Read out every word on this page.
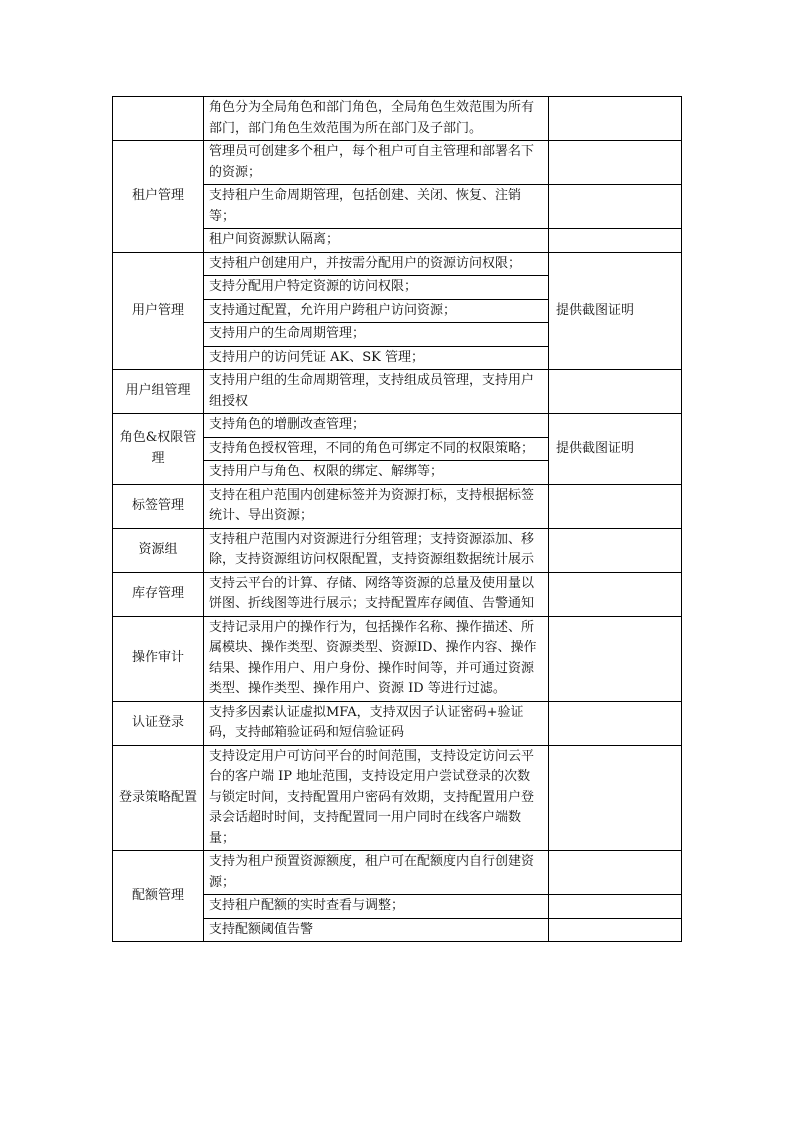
	角色分为全局角色和部门角色，全局角色生效范围为所有部门，部门角色生效范围为所在部门及子部门。	
租户管理	管理员可创建多个租户，每个租户可自主管理和部署名下的资源；	
	支持租户生命周期管理，包括创建、关闭、恢复、注销等；	
	租户间资源默认隔离；	
用户管理	支持租户创建用户，并按需分配用户的资源访问权限；	提供截图证明
	支持分配用户特定资源的访问权限；	
	支持通过配置，允许用户跨租户访问资源；	
	支持用户的生命周期管理；	
	支持用户的访问凭证 AK、SK 管理；	
用户组管理	支持用户组的生命周期管理，支持组成员管理，支持用户组授权	
角色&权限管理	支持角色的增删改查管理；	提供截图证明
	支持角色授权管理，不同的角色可绑定不同的权限策略；	
	支持用户与角色、权限的绑定、解绑等；	
标签管理	支持在租户范围内创建标签并为资源打标，支持根据标签统计、导出资源；	
资源组	支持租户范围内对资源进行分组管理；支持资源添加、移除，支持资源组访问权限配置，支持资源组数据统计展示	
库存管理	支持云平台的计算、存储、网络等资源的总量及使用量以饼图、折线图等进行展示；支持配置库存阈值、告警通知	
操作审计	支持记录用户的操作行为，包括操作名称、操作描述、所属模块、操作类型、资源类型、资源ID、操作内容、操作结果、操作用户、用户身份、操作时间等，并可通过资源类型、操作类型、操作用户、资源 ID 等进行过滤。	
认证登录	支持多因素认证虚拟MFA，支持双因子认证密码+验证码，支持邮箱验证码和短信验证码	
登录策略配置	支持设定用户可访问平台的时间范围，支持设定访问云平台的客户端 IP 地址范围，支持设定用户尝试登录的次数与锁定时间，支持配置用户密码有效期，支持配置用户登录会话超时时间，支持配置同一用户同时在线客户端数量；	
配额管理	支持为租户预置资源额度，租户可在配额度内自行创建资源；	
	支持租户配额的实时查看与调整；	
	支持配额阈值告警	
